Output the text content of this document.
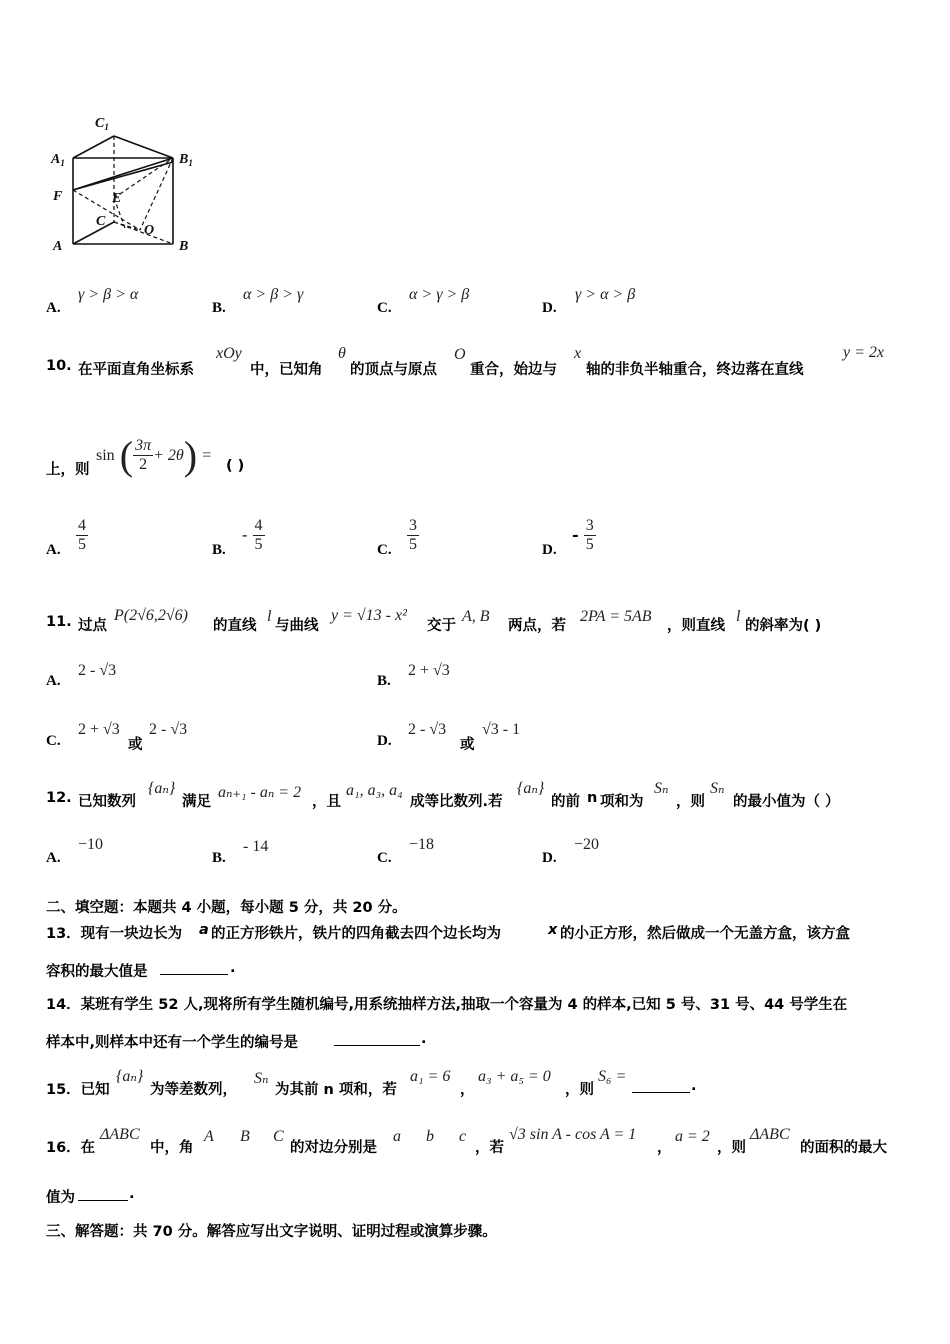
$C_1$
$A_1$	$B_1$
F	E
C
O
A	B
A.
γ > β > α
B.
α > β > γ
C.
α > γ > β
D.
γ > α > β
10. 在平面直角坐标系
xOy
中，已知角
θ
的顶点与原点
O
重合，始边与
x
轴的非负半轴重合，终边落在直线
y = 2x
上，则
sin ( $\frac{3\pi}{2} + 2\theta$) =
( )
A. $\frac{4}{5}$	B.
- $\frac{4}{5}$	C. $\frac{3}{5}$	D.
- $\frac{3}{5}$
11. 过点
P(2√6,2√6)
的直线
l
与曲线
y = √13 - x²
交于
A, B
两点，若
2PA = 5AB
，则直线
l
的斜率为( )
A.
2 - √3
B.
2 + √3
C.
2 + √3
或
2 - √3
D.
2 - √3
或
√3 - 1
12. 已知数列
{aₙ}
满足
aₙ₊₁ - aₙ = 2
，且
a₁, a₃, a₄
成等比数列.若
{aₙ}
的前 n 项和为
Sₙ
，则
Sₙ
的最小值为（ ）
A.
−10
B.
- 14
C.
−18
D.
−20
二、填空题：本题共 4 小题，每小题 5 分，共 20 分。
13．现有一块边长为 a 的正方形铁片，铁片的四角截去四个边长均为	x 的小正方形，然后做成一个无盖方盒，该方盒
容积的最大值是	.
14．某班有学生 52 人,现将所有学生随机编号,用系统抽样方法,抽取一个容量为 4 的样本,已知 5 号、31 号、44 号学生在
样本中,则样本中还有一个学生的编号是	.
15．已知
{aₙ}
为等差数列，
Sₙ
为其前 n 项和，若
a₁ = 6
，
a₃ + a₅ = 0
，则
S₆ =
.
16．在
ΔABC
中，角
A B C
的对边分别是
a b c
，若
√3 sin A - cos A = 1
，
a = 2
，则
ΔABC
的面积的最大
值为	.
三、解答题：共 70 分。解答应写出文字说明、证明过程或演算步骤。
